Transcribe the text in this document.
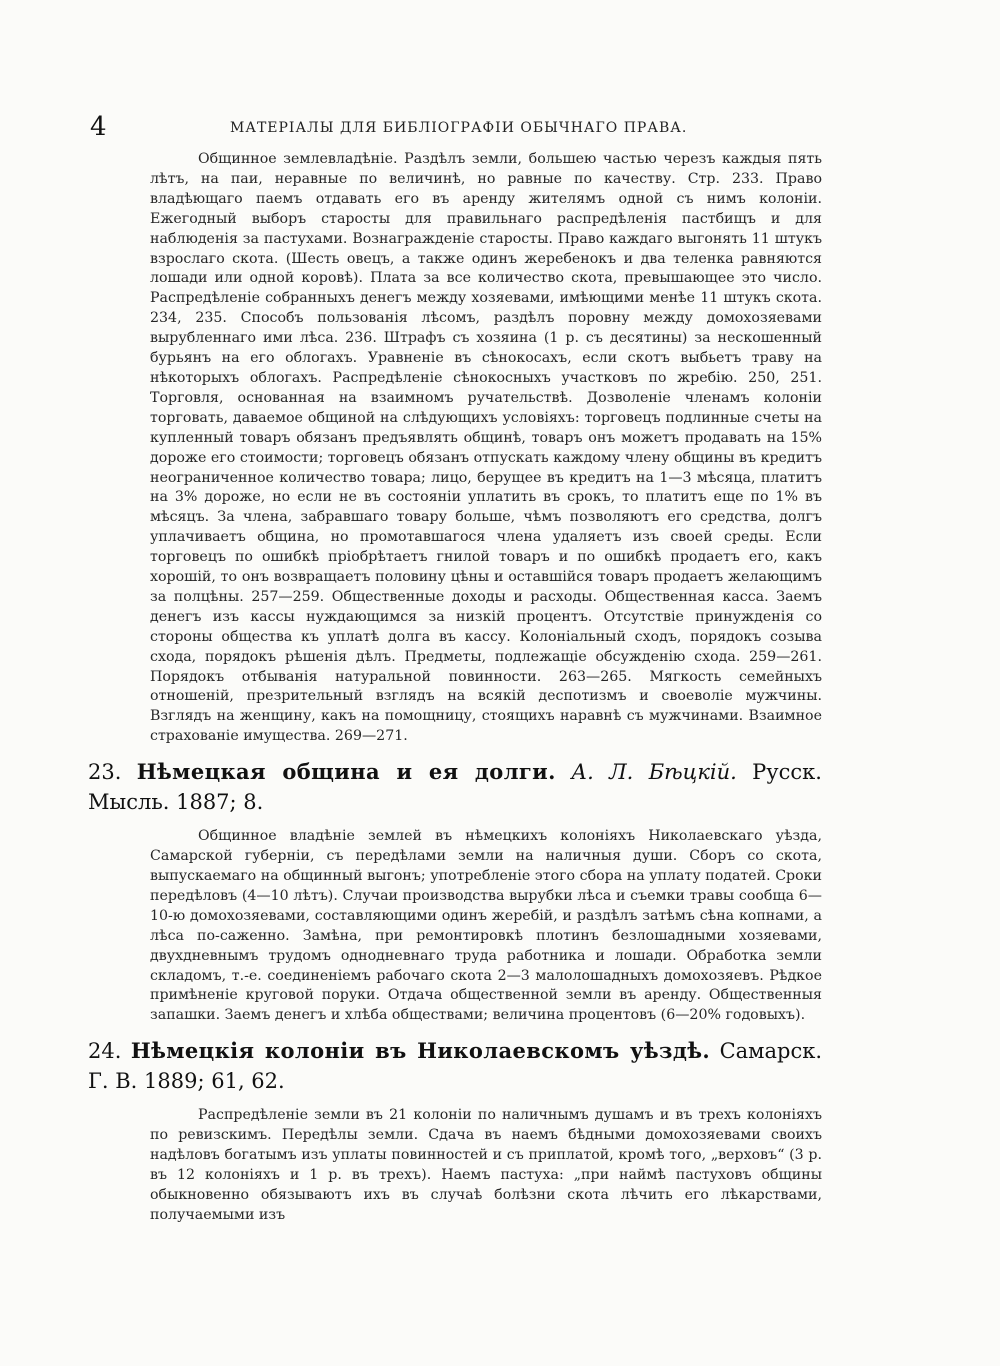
4	МАТЕРІАЛЫ ДЛЯ БИБЛІОГРАФІИ ОБЫЧНАГО ПРАВА.

Общинное землевладѣніе. Раздѣлъ земли, большею частью черезъ каждыя пять лѣтъ, на паи, неравные по величинѣ, но равные по качеству. Стр. 233. Право владѣющаго паемъ отдавать его въ аренду жителямъ одной съ нимъ колоніи. Ежегодный выборъ старосты для правильнаго распредѣленія пастбищъ и для наблюденія за пастухами. Вознагражденіе старосты. Право каждаго выгонять 11 штукъ взрослаго скота. (Шесть овецъ, а также одинъ жеребенокъ и два теленка равняются лошади или одной коровѣ). Плата за все количество скота, превышающее это число. Распредѣленіе собранныхъ денегъ между хозяевами, имѣющими менѣе 11 штукъ скота. 234, 235. Способъ пользованія лѣсомъ, раздѣлъ поровну между домохозяевами вырубленнаго ими лѣса. 236. Штрафъ съ хозяина (1 р. съ десятины) за нескошенный бурьянъ на его облогахъ. Уравненіе въ сѣнокосахъ, если скотъ выбьетъ траву на нѣкоторыхъ облогахъ. Распредѣленіе сѣнокосныхъ участковъ по жребію. 250, 251. Торговля, основанная на взаимномъ ручательствѣ. Дозволеніе членамъ колоніи торговать, даваемое общиной на слѣдующихъ условіяхъ: торговецъ подлинные счеты на купленный товаръ обязанъ предъявлять общинѣ, товаръ онъ можетъ продавать на 15% дороже его стоимости; торговецъ обязанъ отпускать каждому члену общины въ кредитъ неограниченное количество товара; лицо, берущее въ кредитъ на 1—3 мѣсяца, платитъ на 3% дороже, но если не въ состояніи уплатить въ срокъ, то платитъ еще по 1% въ мѣсяцъ. За члена, забравшаго товару больше, чѣмъ позволяютъ его средства, долгъ уплачиваетъ община, но промотавшагося члена удаляетъ изъ своей среды. Если торговецъ по ошибкѣ пріобрѣтаетъ гнилой товаръ и по ошибкѣ продаетъ его, какъ хорошій, то онъ возвращаетъ половину цѣны и оставшійся товаръ продаетъ желающимъ за полцѣны. 257—259. Общественные доходы и расходы. Общественная касса. Заемъ денегъ изъ кассы нуждающимся за низкій процентъ. Отсутствіе принужденія со стороны общества къ уплатѣ долга въ кассу. Колоніальный сходъ, порядокъ созыва схода, порядокъ рѣшенія дѣлъ. Предметы, подлежащіе обсужденію схода. 259—261. Порядокъ отбыванія натуральной повинности. 263—265. Мягкость семейныхъ отношеній, презрительный взглядъ на всякій деспотизмъ и своеволіе мужчины. Взглядъ на женщину, какъ на помощницу, стоящихъ наравнѣ съ мужчинами. Взаимное страхованіе имущества. 269—271.

23. Нѣмецкая община и ея долги. А. Л. Бѣцкій. Русск. Мысль. 1887; 8.

Общинное владѣніе землей въ нѣмецкихъ колоніяхъ Николаевскаго уѣзда, Самарской губерніи, съ передѣлами земли на наличныя души. Сборъ со скота, выпускаемаго на общинный выгонъ; употребленіе этого сбора на уплату податей. Сроки передѣловъ (4—10 лѣтъ). Случаи производства вырубки лѣса и съемки травы сообща 6—10-ю домохозяевами, составляющими одинъ жеребій, и раздѣлъ затѣмъ сѣна копнами, а лѣса по-саженно. Замѣна, при ремонтировкѣ плотинъ безлошадными хозяевами, двухдневнымъ трудомъ однодневнаго труда работника и лошади. Обработка земли складомъ, т.-е. соединеніемъ рабочаго скота 2—3 малолошадныхъ домохозяевъ. Рѣдкое примѣненіе круговой поруки. Отдача общественной земли въ аренду. Общественныя запашки. Заемъ денегъ и хлѣба обществами; величина процентовъ (6—20% годовыхъ).

24. Нѣмецкія колоніи въ Николаевскомъ уѣздѣ. Самарск. Г. В. 1889; 61, 62.

Распредѣленіе земли въ 21 колоніи по наличнымъ душамъ и въ трехъ колоніяхъ по ревизскимъ. Передѣлы земли. Сдача въ наемъ бѣдными домохозяевами своихъ надѣловъ богатымъ изъ уплаты повинностей и съ приплатой, кромѣ того, „верховъ“ (3 р. въ 12 колоніяхъ и 1 р. въ трехъ). Наемъ пастуха: „при наймѣ пастуховъ общины обыкновенно обязываютъ ихъ въ случаѣ болѣзни скота лѣчить его лѣкарствами, получаемыми изъ
